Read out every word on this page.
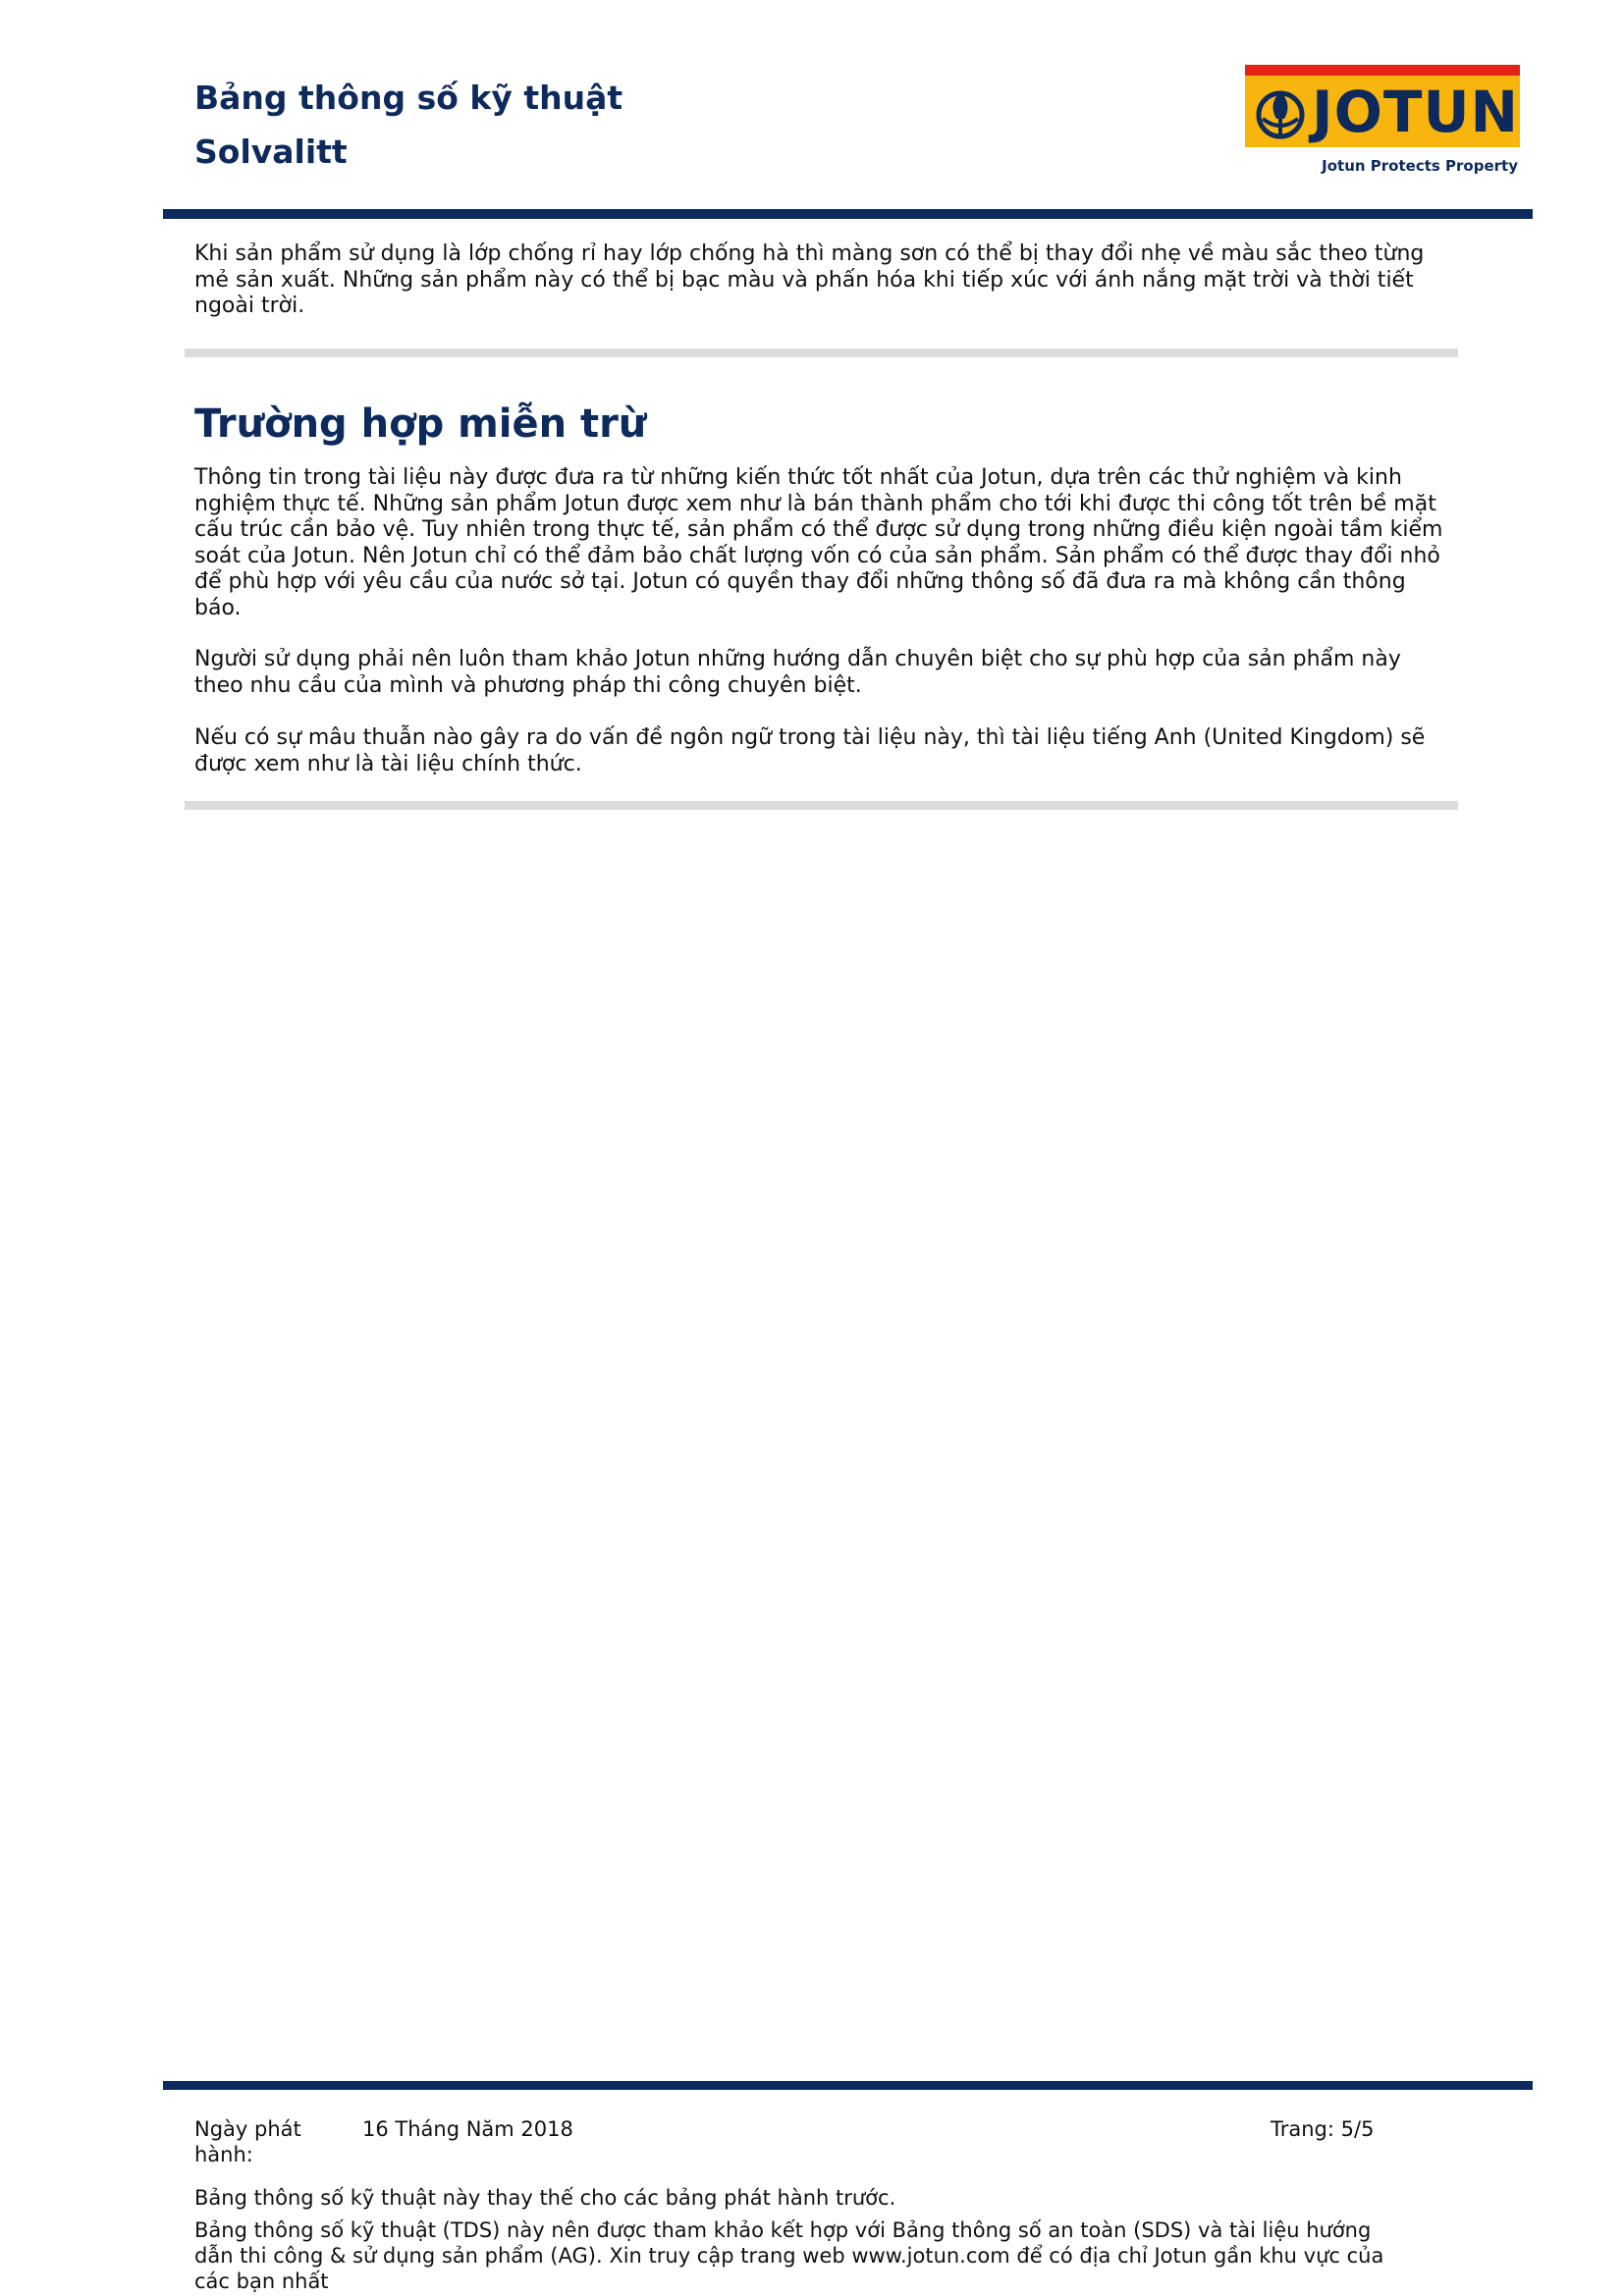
Bảng thông số kỹ thuật
Solvalitt
JOTUN
Jotun Protects Property

Khi sản phẩm sử dụng là lớp chống rỉ hay lớp chống hà thì màng sơn có thể bị thay đổi nhẹ về màu sắc theo từng mẻ sản xuất. Những sản phẩm này có thể bị bạc màu và phấn hóa khi tiếp xúc với ánh nắng mặt trời và thời tiết ngoài trời.

Trường hợp miễn trừ

Thông tin trong tài liệu này được đưa ra từ những kiến thức tốt nhất của Jotun, dựa trên các thử nghiệm và kinh nghiệm thực tế. Những sản phẩm Jotun được xem như là bán thành phẩm cho tới khi được thi công tốt trên bề mặt cấu trúc cần bảo vệ. Tuy nhiên trong thực tế, sản phẩm có thể được sử dụng trong những điều kiện ngoài tầm kiểm soát của Jotun. Nên Jotun chỉ có thể đảm bảo chất lượng vốn có của sản phẩm. Sản phẩm có thể được thay đổi nhỏ để phù hợp với yêu cầu của nước sở tại. Jotun có quyền thay đổi những thông số đã đưa ra mà không cần thông báo.

Người sử dụng phải nên luôn tham khảo Jotun những hướng dẫn chuyên biệt cho sự phù hợp của sản phẩm này theo nhu cầu của mình và phương pháp thi công chuyên biệt.

Nếu có sự mâu thuẫn nào gây ra do vấn đề ngôn ngữ trong tài liệu này, thì tài liệu tiếng Anh (United Kingdom) sẽ được xem như là tài liệu chính thức.

Ngày phát hành:
16 Tháng Năm 2018	Trang: 5/5
Bảng thông số kỹ thuật này thay thế cho các bảng phát hành trước.
Bảng thông số kỹ thuật (TDS) này nên được tham khảo kết hợp với Bảng thông số an toàn (SDS) và tài liệu hướng dẫn thi công & sử dụng sản phẩm (AG). Xin truy cập trang web www.jotun.com để có địa chỉ Jotun gần khu vực của các bạn nhất
